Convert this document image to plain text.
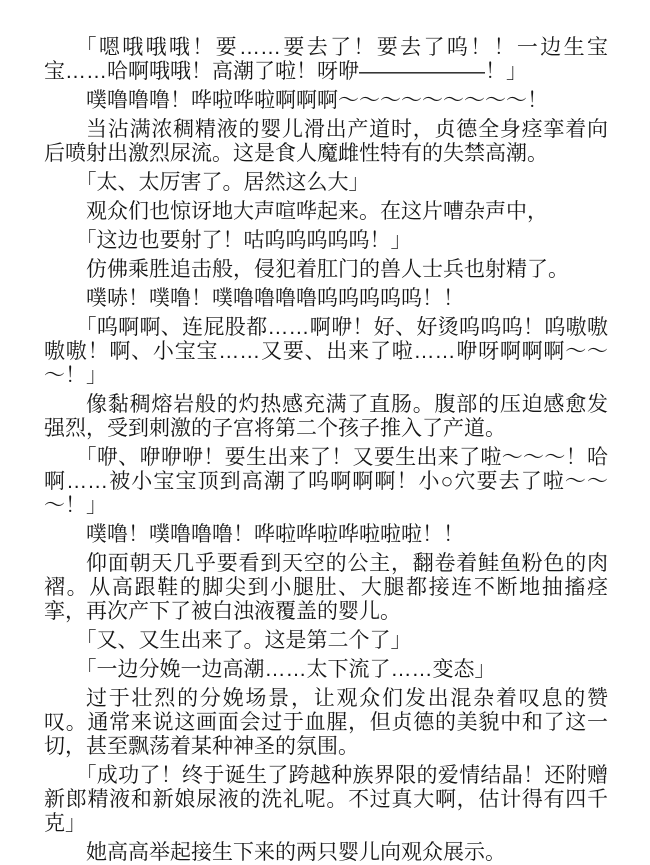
「嗯哦哦哦！要……要去了！要去了呜！！一边生宝宝……哈啊哦哦！高潮了啦！呀咿——————！」

噗噜噜噜！哗啦哗啦啊啊啊～～～～～～～～～！

当沾满浓稠精液的婴儿滑出产道时，贞德全身痉挛着向后喷射出激烈尿流。这是食人魔雌性特有的失禁高潮。

「太、太厉害了。居然这么大」

观众们也惊讶地大声喧哗起来。在这片嘈杂声中，

「这边也要射了！咕呜呜呜呜呜！」

仿佛乘胜追击般，侵犯着肛门的兽人士兵也射精了。

噗哧！噗噜！噗噜噜噜噜呜呜呜呜呜！！

「呜啊啊、连屁股都……啊咿！好、好烫呜呜呜！呜嗷嗷嗷嗷！啊、小宝宝……又要、出来了啦……咿呀啊啊啊～～～！」

像黏稠熔岩般的灼热感充满了直肠。腹部的压迫感愈发强烈，受到刺激的子宫将第二个孩子推入了产道。

「咿、咿咿咿！要生出来了！又要生出来了啦～～～！哈啊……被小宝宝顶到高潮了呜啊啊啊！小○穴要去了啦～～～！」

噗噜！噗噜噜噜！哗啦哗啦哗啦啦啦！！

仰面朝天几乎要看到天空的公主，翻卷着鲑鱼粉色的肉褶。从高跟鞋的脚尖到小腿肚、大腿都接连不断地抽搐痉挛，再次产下了被白浊液覆盖的婴儿。

「又、又生出来了。这是第二个了」

「一边分娩一边高潮……太下流了……变态」

过于壮烈的分娩场景，让观众们发出混杂着叹息的赞叹。通常来说这画面会过于血腥，但贞德的美貌中和了这一切，甚至飘荡着某种神圣的氛围。

「成功了！终于诞生了跨越种族界限的爱情结晶！还附赠新郎精液和新娘尿液的洗礼呢。不过真大啊，估计得有四千克」

她高高举起接生下来的两只婴儿向观众展示。
